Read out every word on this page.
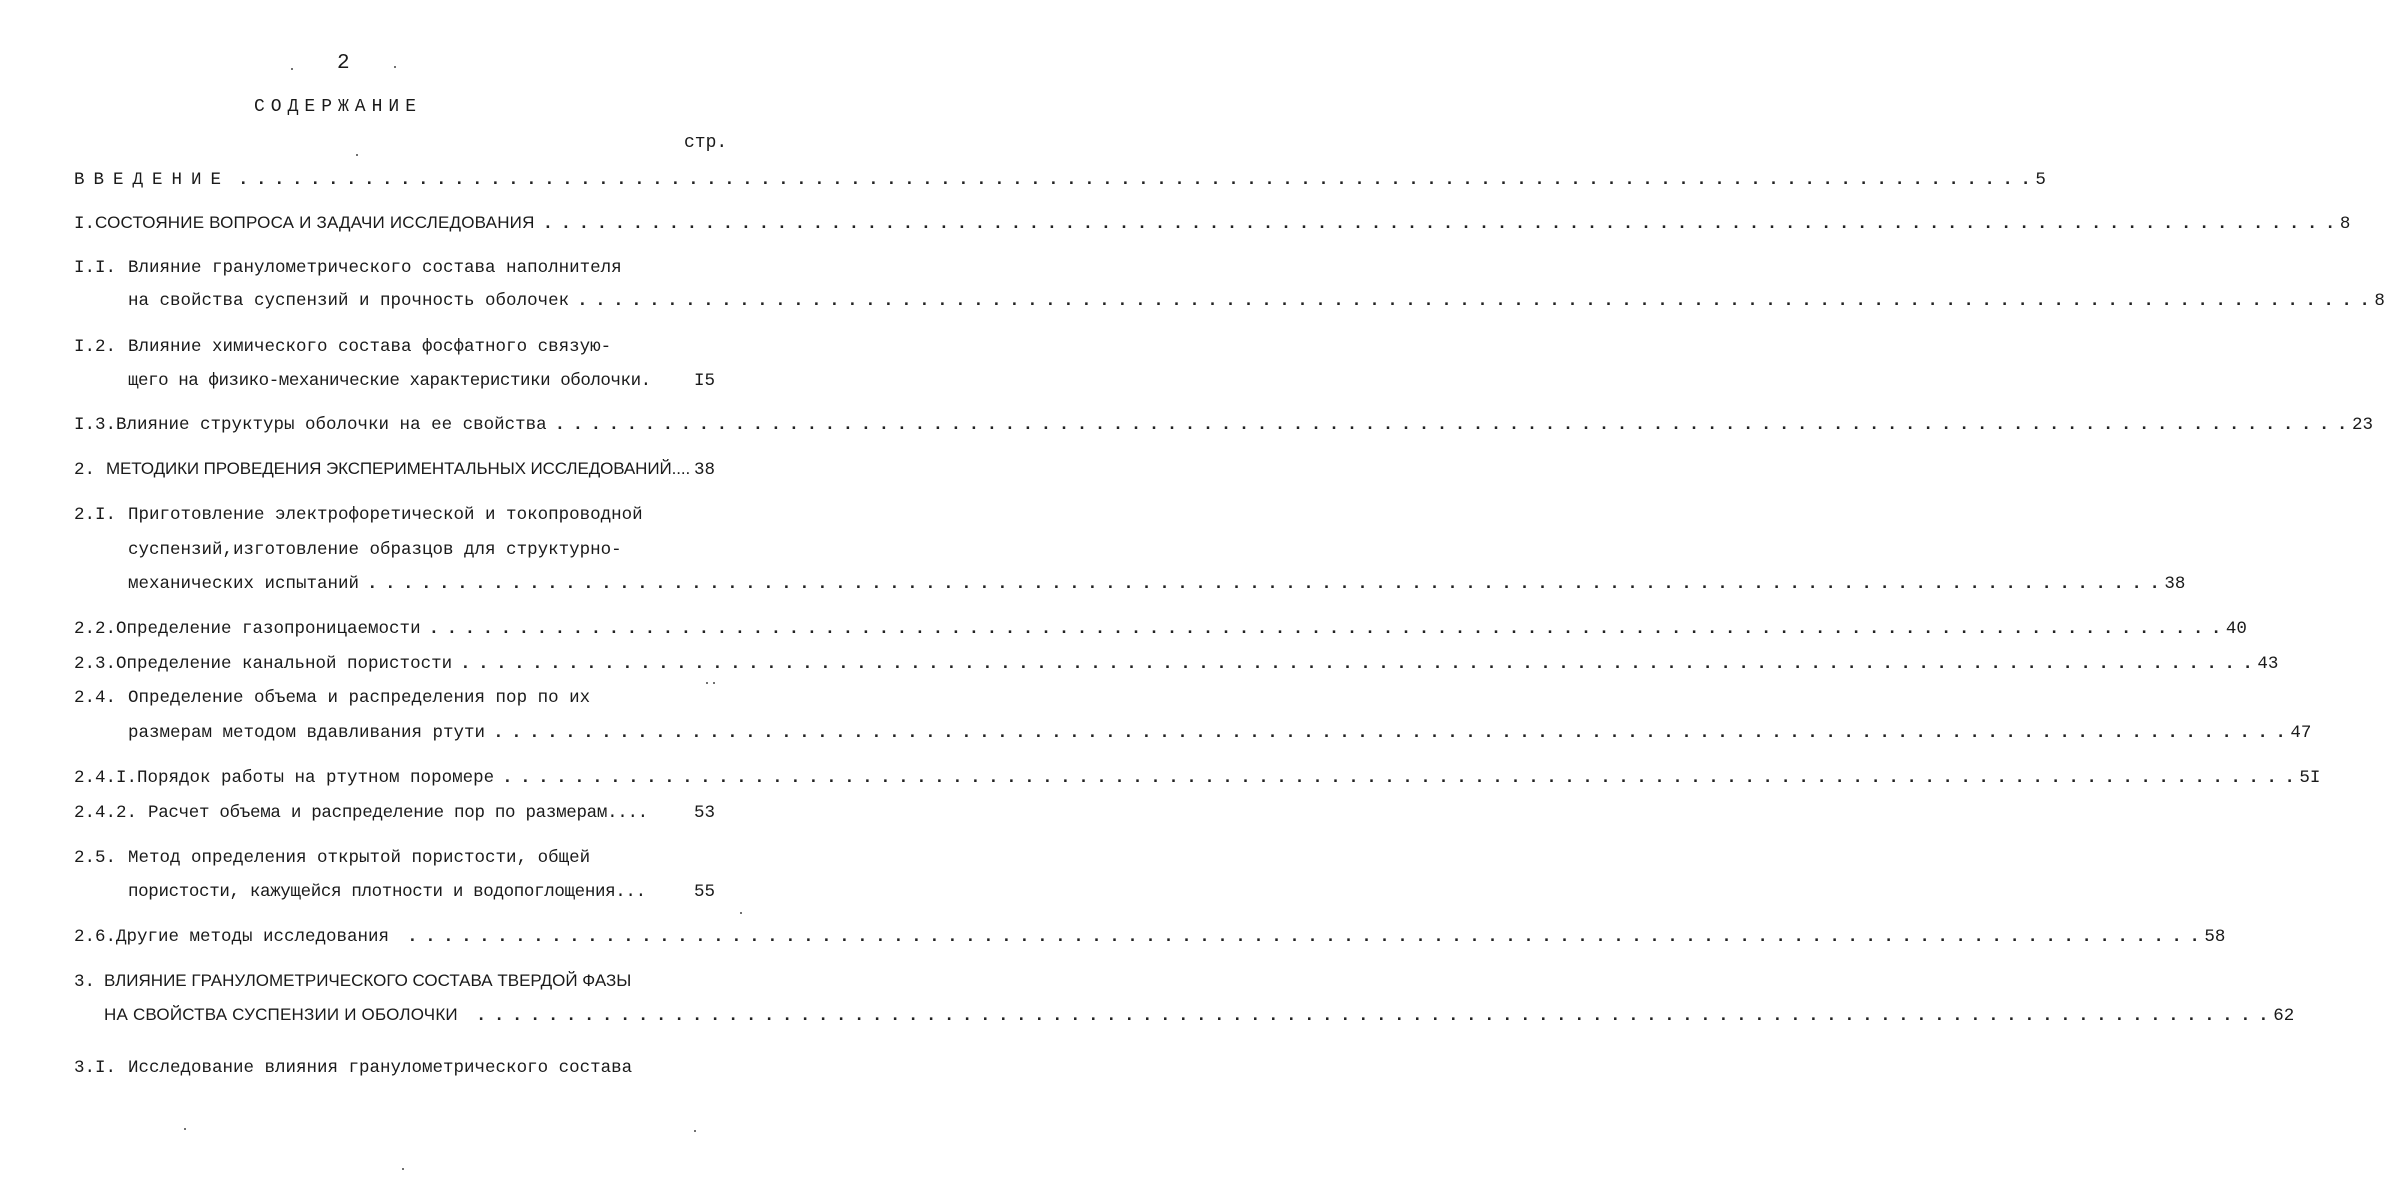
2
СОДЕРЖАНИЕ
стр.
ВВЕДЕНИЕ . . .	5
I. СОСТОЯНИЕ ВОПРОСА И ЗАДАЧИ ИССЛЕДОВАНИЯ . . .	8
I.I. Влияние гранулометрического состава наполнителя
на свойства суспензий и прочность оболочек . . .	8
I.2. Влияние химического состава фосфатного связую-
щего на физико-механические характеристики оболочки. I5
I.3. Влияние структуры оболочки на ее свойства . . .	23
2. МЕТОДИКИ ПРОВЕДЕНИЯ ЭКСПЕРИМЕНТАЛЬНЫХ ИССЛЕДОВАНИЙ.... 38
2.I. Приготовление электрофоретической и токопроводной
суспензий,изготовление образцов для структурно-
механических испытаний . . .	38
2.2. Определение газопроницаемости . . .	40
2.3. Определение канальной пористости . . .	43
2.4. Определение объема и распределения пор по их
размерам методом вдавливания ртути . . .	47
2.4.I. Порядок работы на ртутном поромере . . .	5I
2.4.2. Расчет объема и распределение пор по размерам....	53
2.5. Метод определения открытой пористости, общей
пористости, кажущейся плотности и водопоглощения...	55
2.6. Другие методы исследования . . .	58
3. ВЛИЯНИЕ ГРАНУЛОМЕТРИЧЕСКОГО СОСТАВА ТВЕРДОЙ ФАЗЫ
НА СВОЙСТВА СУСПЕНЗИИ И ОБОЛОЧКИ . . .	62
3.I. Исследование влияния гранулометрического состава
